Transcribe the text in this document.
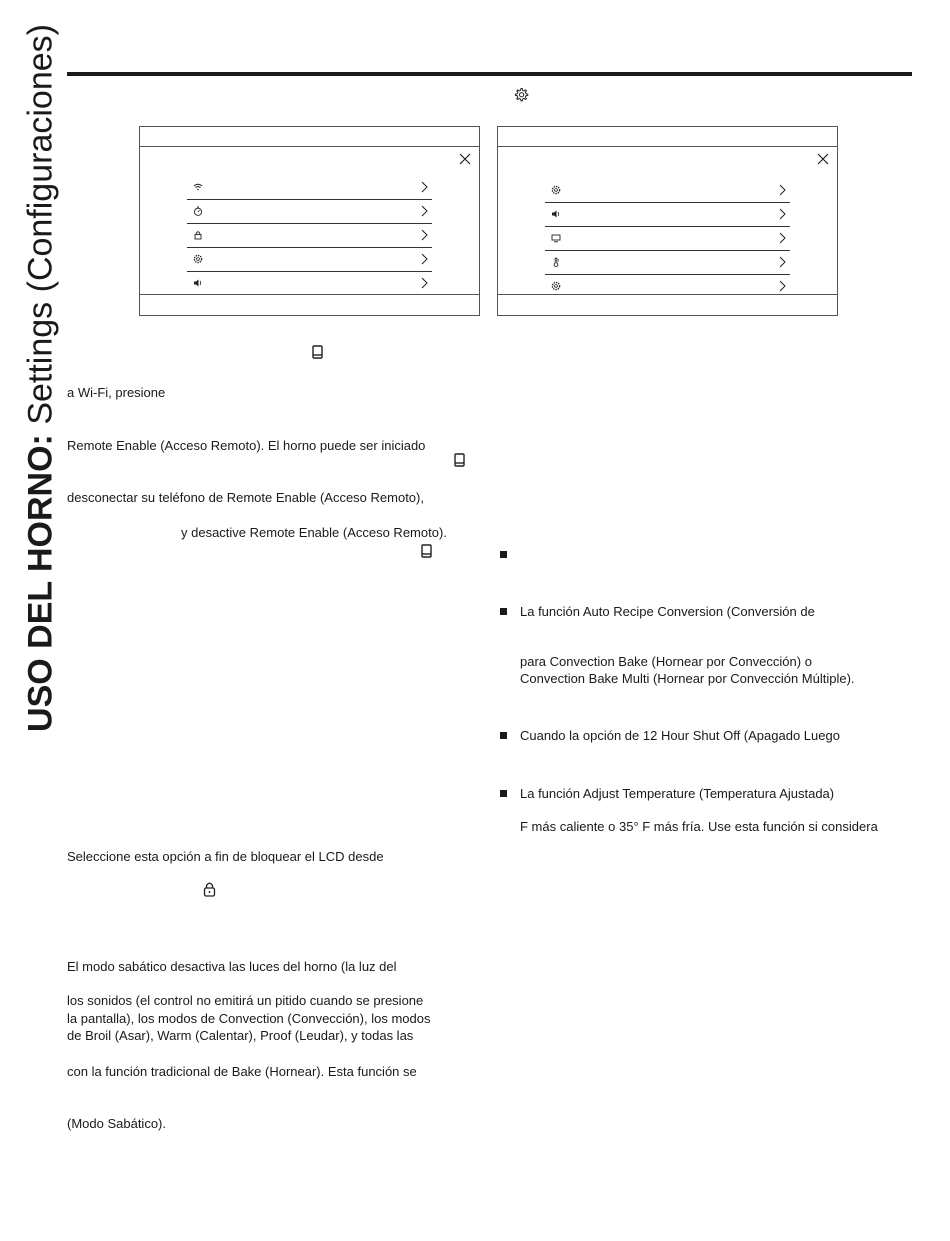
USO DEL HORNO: Settings (Configuraciones) a Wi-Fi, presione
Remote Enable (Acceso Remoto). El horno puede ser iniciado
desconectar su teléfono de Remote Enable (Acceso Remoto),
y desactive Remote Enable (Acceso Remoto).
Seleccione esta opción a fin de bloquear el LCD desde
El modo sabático desactiva las luces del horno (la luz del
los sonidos (el control no emitirá un pitido cuando se presione
la pantalla), los modos de Convection (Convección), los modos
de Broil (Asar), Warm (Calentar), Proof (Leudar), y todas las
con la función tradicional de Bake (Hornear). Esta función se
(Modo Sabático).
La función Auto Recipe Conversion (Conversión de
para Convection Bake (Hornear por Convección) o
Convection Bake Multi (Hornear por Convección Múltiple).
Cuando la opción de 12 Hour Shut Off (Apagado Luego
La función Adjust Temperature (Temperatura Ajustada)
F más caliente o 35° F más fría. Use esta función si considera
